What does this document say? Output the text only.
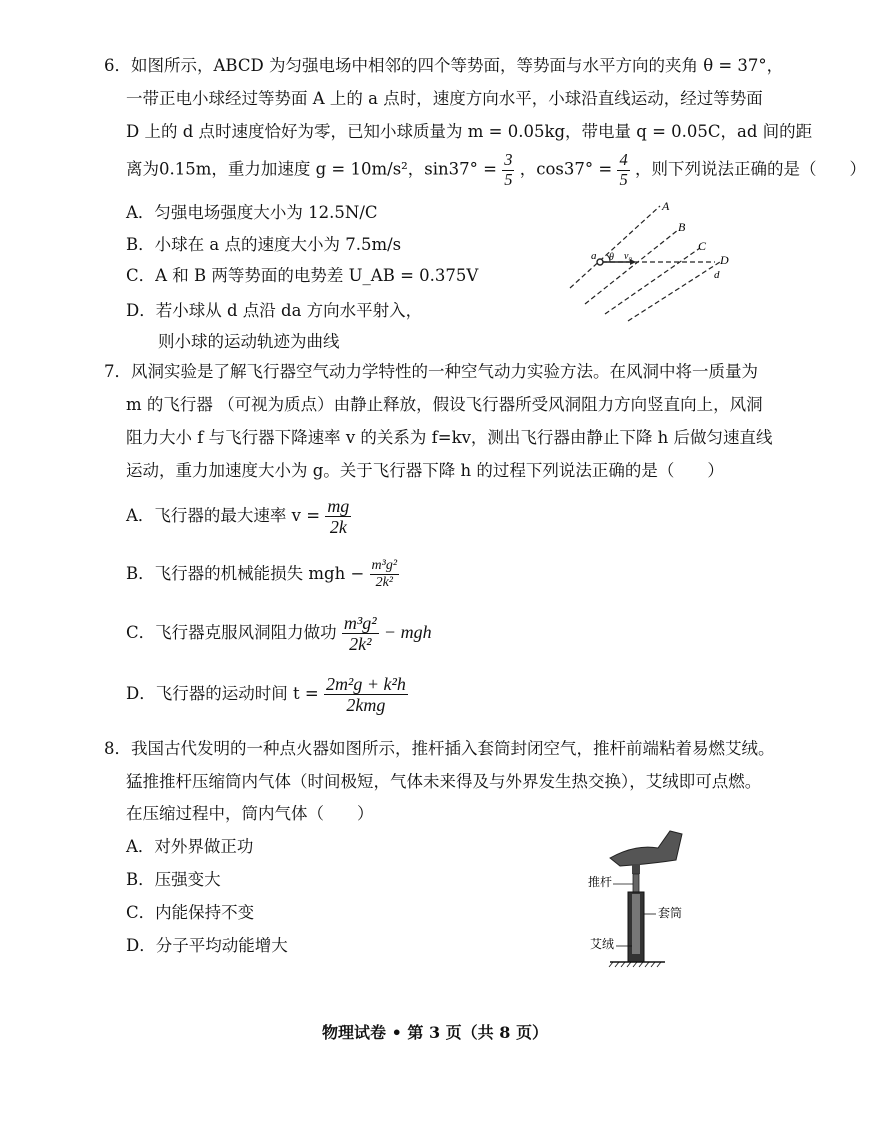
6．如图所示，ABCD 为匀强电场中相邻的四个等势面，等势面与水平方向的夹角 θ = 37°，
一带正电小球经过等势面 A 上的 a 点时，速度方向水平，小球沿直线运动，经过等势面
D 上的 d 点时速度恰好为零，已知小球质量为 m = 0.05kg，带电量 q = 0.05C，ad 间的距
离为0.15m，重力加速度 g = 10m/s²，$\sin 37^\circ = \frac{3}{5}$ ，$\cos 37^\circ = \frac{4}{5}$ ，则下列说法正确的是（　　）
A．匀强电场强度大小为 12.5N/C
B．小球在 a 点的速度大小为 7.5m/s
C．A 和 B 两等势面的电势差 U_AB = 0.375V
D．若小球从 d 点沿 da 方向水平射入，
则小球的运动轨迹为曲线
A
B
C
D
a
d
θ v₀
7．风洞实验是了解飞行器空气动力学特性的一种空气动力实验方法。在风洞中将一质量为
m 的飞行器 （可视为质点）由静止释放，假设飞行器所受风洞阻力方向竖直向上，风洞
阻力大小 f 与飞行器下降速率 v 的关系为 f=kv，测出飞行器由静止下降 h 后做匀速直线
运动，重力加速度大小为 g。关于飞行器下降 h 的过程下列说法正确的是（　　）
A．飞行器的最大速率 $v = \frac{mg}{2k}$
B．飞行器的机械能损失 mgh − $\frac{\text{m³g²}}{\text{2k²}}$
C．飞行器克服风洞阻力做功 $\frac{\text{m³g²}}{\text{2k²}}$ − mgh
D．飞行器的运动时间 $t = \frac{\text{2m²g + k²h}}{\text{2kmg}}$
8．我国古代发明的一种点火器如图所示，推杆插入套筒封闭空气，推杆前端粘着易燃艾绒。
猛推推杆压缩筒内气体（时间极短，气体未来得及与外界发生热交换），艾绒即可点燃。
在压缩过程中，筒内气体（　　）
A．对外界做正功
B．压强变大
C．内能保持不变
D．分子平均动能增大
推杆
套筒
艾绒
物理试卷 • 第 3 页（共 8 页）
